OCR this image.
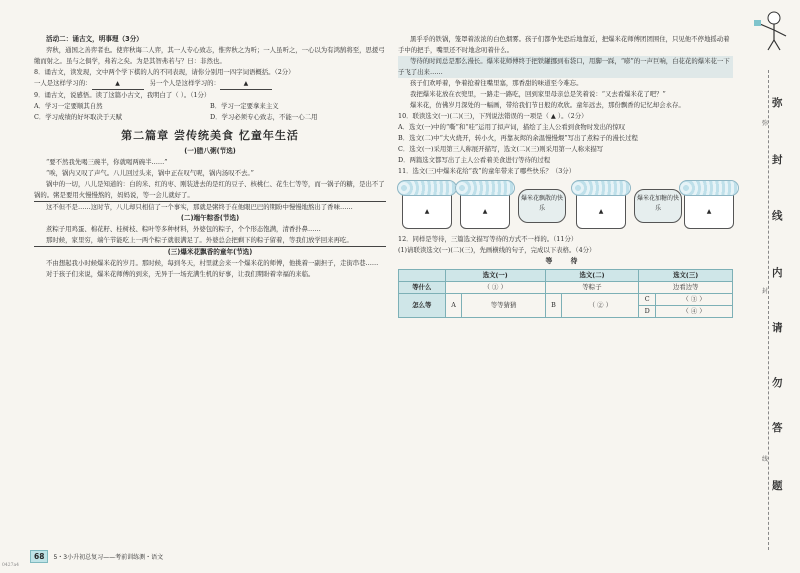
活动二：诵古文，明事理（3分）

弈秋，通国之善弈者也。使弈秋诲二人弈，其一人专心致志，惟弈秋之为听；一人虽听之，一心以为有鸿鹄将至，思援弓缴而射之。虽与之俱学，弗若之矣。为是其智弗若与？曰：非然也。

8．诵古文，读发现，文中两个学下棋的人的不同表现，请你分别用一四字词语概括。（2分）

一人是这样学习的：	▲	另一个人是这样学习的：	▲

9．诵古文，说感悟。读了这篇小古文，我明白了（ ）。（1分）

A．学习一定要顺其自然	B．学习一定要拿来主义
C．学习成绩的好坏取决于天赋	D．学习必须专心致志，不能一心二用
第二篇章 尝传统美食 忆童年生活
(一)腊八粥(节选)

“要不然我先喝三碗半，你就喝两碗半……”

“唉，锅内又叹了声气。八儿回过头来，锅中正在叹气呢，锅内汤叹不去。”

锅中的一切，八儿是知道的：白的米、红的枣、刚装进去的是红的豆子、核桃仁、花生仁等等，而一锅子的糖，是出不了锅的。粥是要用火慢慢熬的，妈妈说，等一会儿就好了。

这不但不是……这时节，八儿却只相信了一个事实，那就是粥终于在他眼巴巴的期盼中慢慢地熬出了香味……

(二)端午粽香(节选)

煮粽子用鸡蛋、棉花籽、桂树枝、粽叶等多种材料，外婆包的粽子，个个形态饱满，清香扑鼻……

那时候，家里穷，端午节能吃上一两个粽子就很满足了。外婆总会把剩下的粽子留着，等我们放学回来再吃。

(三)爆米花飘香的童年(节选)

不由想起我小时候爆米花的岁月。那时候，每到冬天，村里就会来一个爆米花的师傅，他挑着一副担子，走街串巷……

对于孩子们来说，爆米花师傅的到来，无异于一场充满生机的好事，让我们期盼着幸福的来临。

黑乎乎的铁锅，笼罩着浓浓的白色烟雾。孩子们都争先恐后地靠近，把爆米花师傅团团围住，只见他不停地摇动着手中的把手，嘴里还不时地念叨着什么。

等待的时间总是那么漫长。爆米花师傅终于把铁罐挪到布袋口，用脚一踩，“嘭”的一声巨响，白花花的爆米花一下子飞了出来……

孩子们欢呼着，争着抢着往嘴里塞，那香甜的味道至今难忘。

我把爆米花放在衣兜里，一路走一路吃，回到家里母亲总是笑着说：“又去看爆米花了吧？”

爆米花，仿佛岁月深处的一幅画，带给我们节日般的欢欣。童年远去，那份飘香的记忆却会永存。

10．联读选文(一)(二)(三)，下列说法错误的一项是（ ▲ ）。（2分）

A．选文(一)中的“嘶”和“哇”运用了拟声词，描绘了主人公看到食物时发出的惊叹

B．选文(二)中“大火烧开，转小火，再靠灰烬的余温慢慢煨”写出了煮粽子的漫长过程

C．选文(一)采用第三人称展开描写，选文(二)(三)则采用第一人称来描写

D．两篇选文都写出了主人公看着美食进行等待的过程

11．选文(三)中爆米花给“我”的童年带来了哪些快乐？（3分）

▲	▲
爆米花飘散的快乐	▲
爆米花加糖的快乐	▲

12．同样是等待，三篇选文描写等待的方式不一样的。（11分）

(1)请联读选文(一)(二)(三)，先画横线的句子，完成以下表格。（4分）

等 待
	选文(一)		选文(二)		选文(三)	
等什么	（ ① ）		等粽子		边看边等	
怎么等	A	等等猜猜	B	（ ② ）	C	（ ③ ）
					D	（ ④ ）
弥
封
线
内
请
勿
答
题
弥
封
线
68	5・3小升初总复习——考前训练测・语文
0427a4
